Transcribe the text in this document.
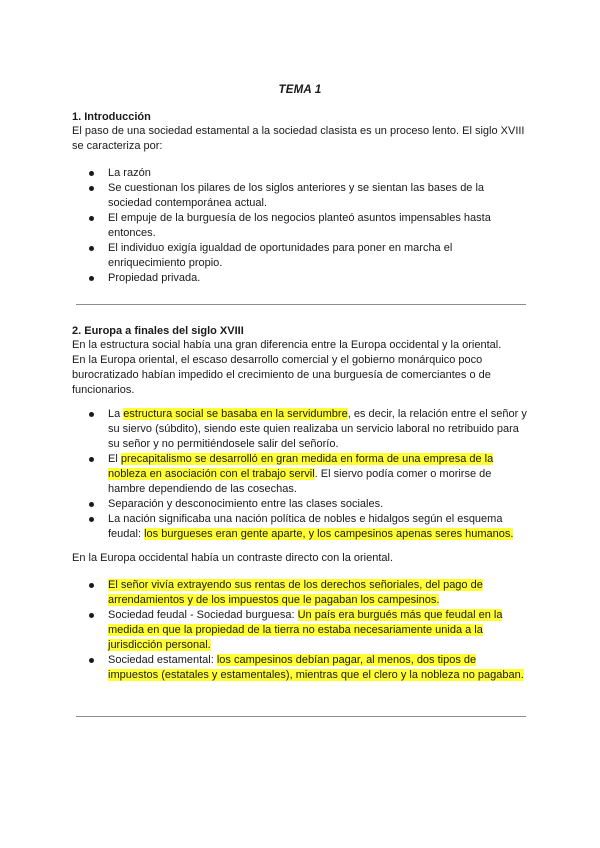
TEMA 1
1. Introducción

El paso de una sociedad estamental a la sociedad clasista es un proceso lento. El siglo XVIII se caracteriza por:

La razón
Se cuestionan los pilares de los siglos anteriores y se sientan las bases de la sociedad contemporánea actual.
El empuje de la burguesía de los negocios planteó asuntos impensables hasta entonces.
El individuo exigía igualdad de oportunidades para poner en marcha el enriquecimiento propio.
Propiedad privada.
2. Europa a finales del siglo XVIII

En la estructura social había una gran diferencia entre la Europa occidental y la oriental.

En la Europa oriental, el escaso desarrollo comercial y el gobierno monárquico poco burocratizado habían impedido el crecimiento de una burguesía de comerciantes o de funcionarios.

La estructura social se basaba en la servidumbre, es decir, la relación entre el señor y su siervo (súbdito), siendo este quien realizaba un servicio laboral no retribuido para su señor y no permitiéndosele salir del señorío.
El precapitalismo se desarrolló en gran medida en forma de una empresa de la nobleza en asociación con el trabajo servil. El siervo podía comer o morirse de hambre dependiendo de las cosechas.
Separación y desconocimiento entre las clases sociales.
La nación significaba una nación política de nobles e hidalgos según el esquema feudal: los burgueses eran gente aparte, y los campesinos apenas seres humanos.

En la Europa occidental había un contraste directo con la oriental.

El señor vivía extrayendo sus rentas de los derechos señoriales, del pago de arrendamientos y de los impuestos que le pagaban los campesinos.
Sociedad feudal - Sociedad burguesa: Un país era burgués más que feudal en la medida en que la propiedad de la tierra no estaba necesariamente unida a la jurisdicción personal.
Sociedad estamental: los campesinos debían pagar, al menos, dos tipos de impuestos (estatales y estamentales), mientras que el clero y la nobleza no pagaban.
